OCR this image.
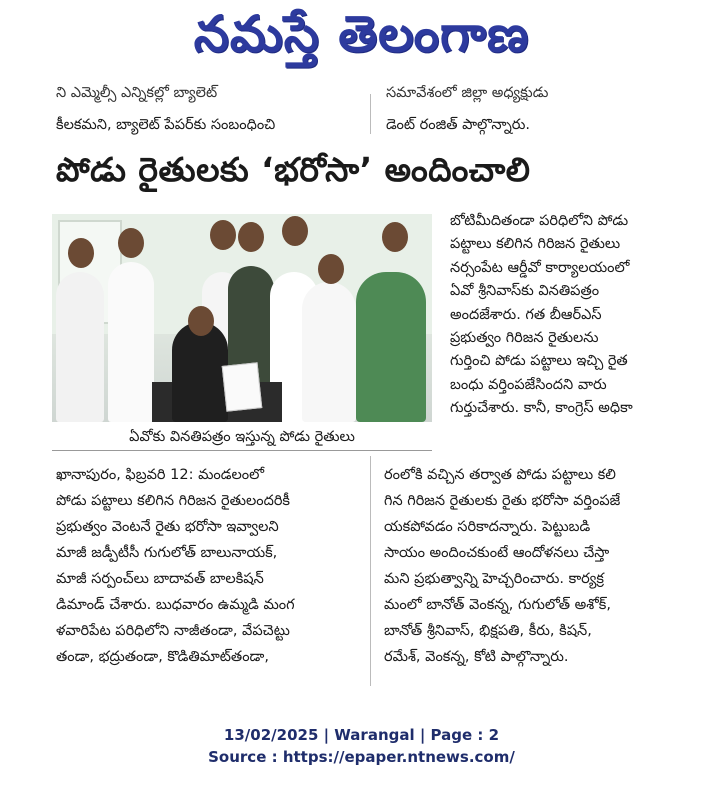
నమస్తే తెలంగాణ
ని ఎమ్మెల్సీ ఎన్నికల్లో బ్యాలెట్
కీలకమని, బ్యాలెట్ పేపర్‌కు సంబంధించి
సమావేశంలో జిల్లా అధ్యక్షుడు
డెంట్ రంజిత్ పాల్గొన్నారు.
పోడు రైతులకు ‘భరోసా’ అందించాలి
ఏవోకు వినతిపత్రం ఇస్తున్న పోడు రైతులు

బోటిమీదితండా పరిధిలోని పోడు

పట్టాలు కలిగిన గిరిజన రైతులు

నర్సంపేట ఆర్డీవో కార్యాలయంలో

ఏవో శ్రీనివాస్‌కు వినతిపత్రం

అందజేశారు. గత బీఆర్‌ఎస్

ప్రభుత్వం గిరిజన రైతులను

గుర్తించి పోడు పట్టాలు ఇచ్చి రైత

బంధు వర్తింపజేసిందని వారు

గుర్తుచేశారు. కానీ, కాంగ్రెస్ అధికా

ఖానాపురం, ఫిబ్రవరి 12: మండలంలో

పోడు పట్టాలు కలిగిన గిరిజన రైతులందరికీ

ప్రభుత్వం వెంటనే రైతు భరోసా ఇవ్వాలని

మాజీ జడ్పీటీసీ గుగులోత్ బాలునాయక్,

మాజీ సర్పంచ్‌లు బాదావత్ బాలకిషన్

డిమాండ్ చేశారు. బుధవారం ఉమ్మడి మంగ

ళవారిపేట పరిధిలోని నాజీతండా, వేపచెట్టు

తండా, భద్రుతండా, కొడితిమాట్‌తండా,

రంలోకి వచ్చిన తర్వాత పోడు పట్టాలు కలి

గిన గిరిజన రైతులకు రైతు భరోసా వర్తింపజే

యకపోవడం సరికాదన్నారు. పెట్టుబడి

సాయం అందించకుంటే ఆందోళనలు చేస్తా

మని ప్రభుత్వాన్ని హెచ్చరించారు. కార్యక్ర

మంలో బానోత్ వెంకన్న, గుగులోత్ అశోక్,

బానోత్ శ్రీనివాస్, భిక్షపతి, కీరు, కిషన్,

రమేశ్, వెంకన్న, కోటి పాల్గొన్నారు.

13/02/2025 | Warangal | Page : 2
Source : https://epaper.ntnews.com/
